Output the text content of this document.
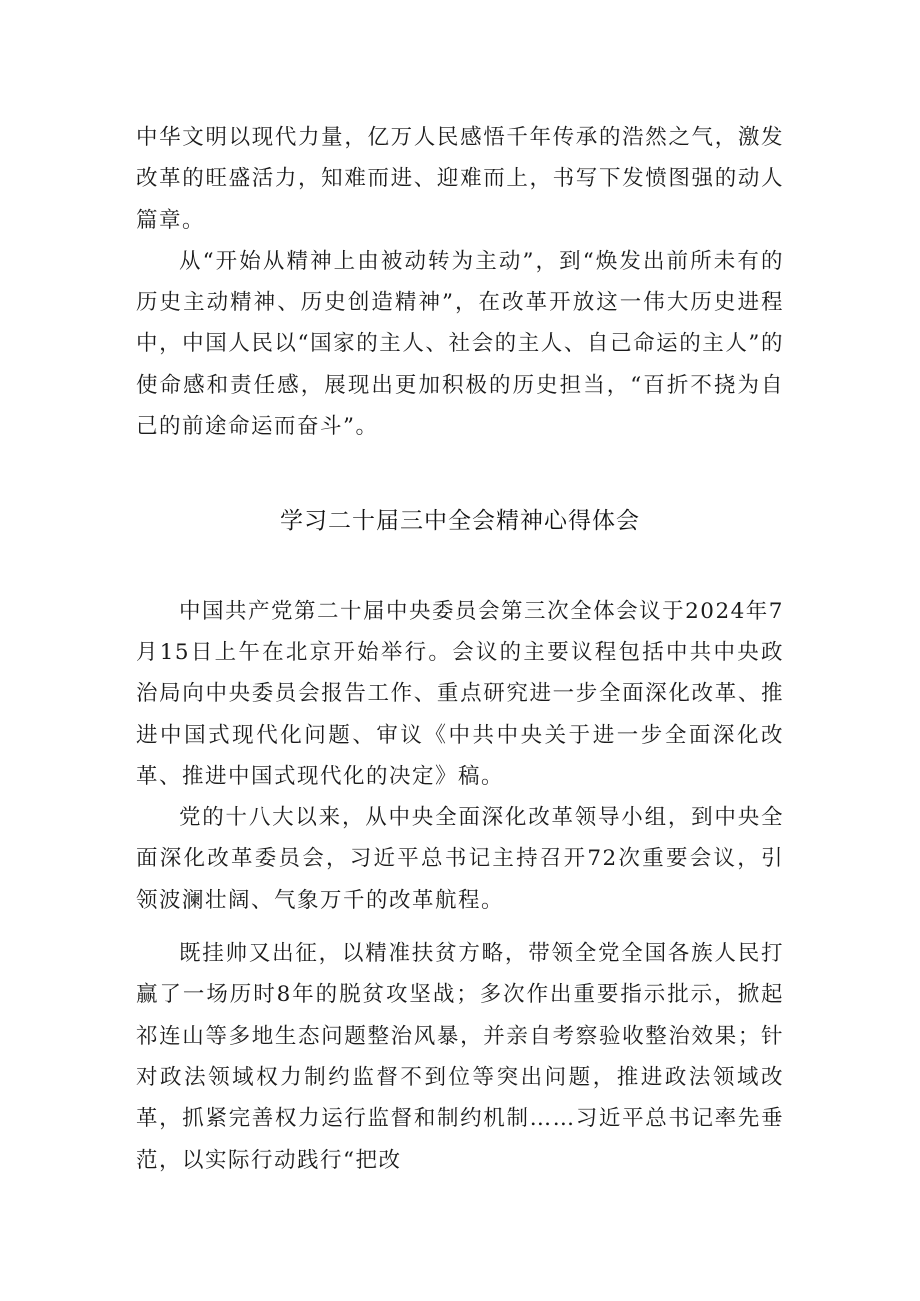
中华文明以现代力量，亿万人民感悟千年传承的浩然之气，激发改革的旺盛活力，知难而进、迎难而上，书写下发愤图强的动人篇章。

从“开始从精神上由被动转为主动”，到“焕发出前所未有的历史主动精神、历史创造精神”，在改革开放这一伟大历史进程中，中国人民以“国家的主人、社会的主人、自己命运的主人”的使命感和责任感，展现出更加积极的历史担当，“百折不挠为自己的前途命运而奋斗”。

学习二十届三中全会精神心得体会

中国共产党第二十届中央委员会第三次全体会议于2024年7月15日上午在北京开始举行。会议的主要议程包括中共中央政治局向中央委员会报告工作、重点研究进一步全面深化改革、推进中国式现代化问题、审议《中共中央关于进一步全面深化改革、推进中国式现代化的决定》稿。

党的十八大以来，从中央全面深化改革领导小组，到中央全面深化改革委员会，习近平总书记主持召开72次重要会议，引领波澜壮阔、气象万千的改革航程。

既挂帅又出征，以精准扶贫方略，带领全党全国各族人民打赢了一场历时8年的脱贫攻坚战；多次作出重要指示批示，掀起祁连山等多地生态问题整治风暴，并亲自考察验收整治效果；针对政法领域权力制约监督不到位等突出问题，推进政法领域改革，抓紧完善权力运行监督和制约机制……习近平总书记率先垂范，以实际行动践行“把改
